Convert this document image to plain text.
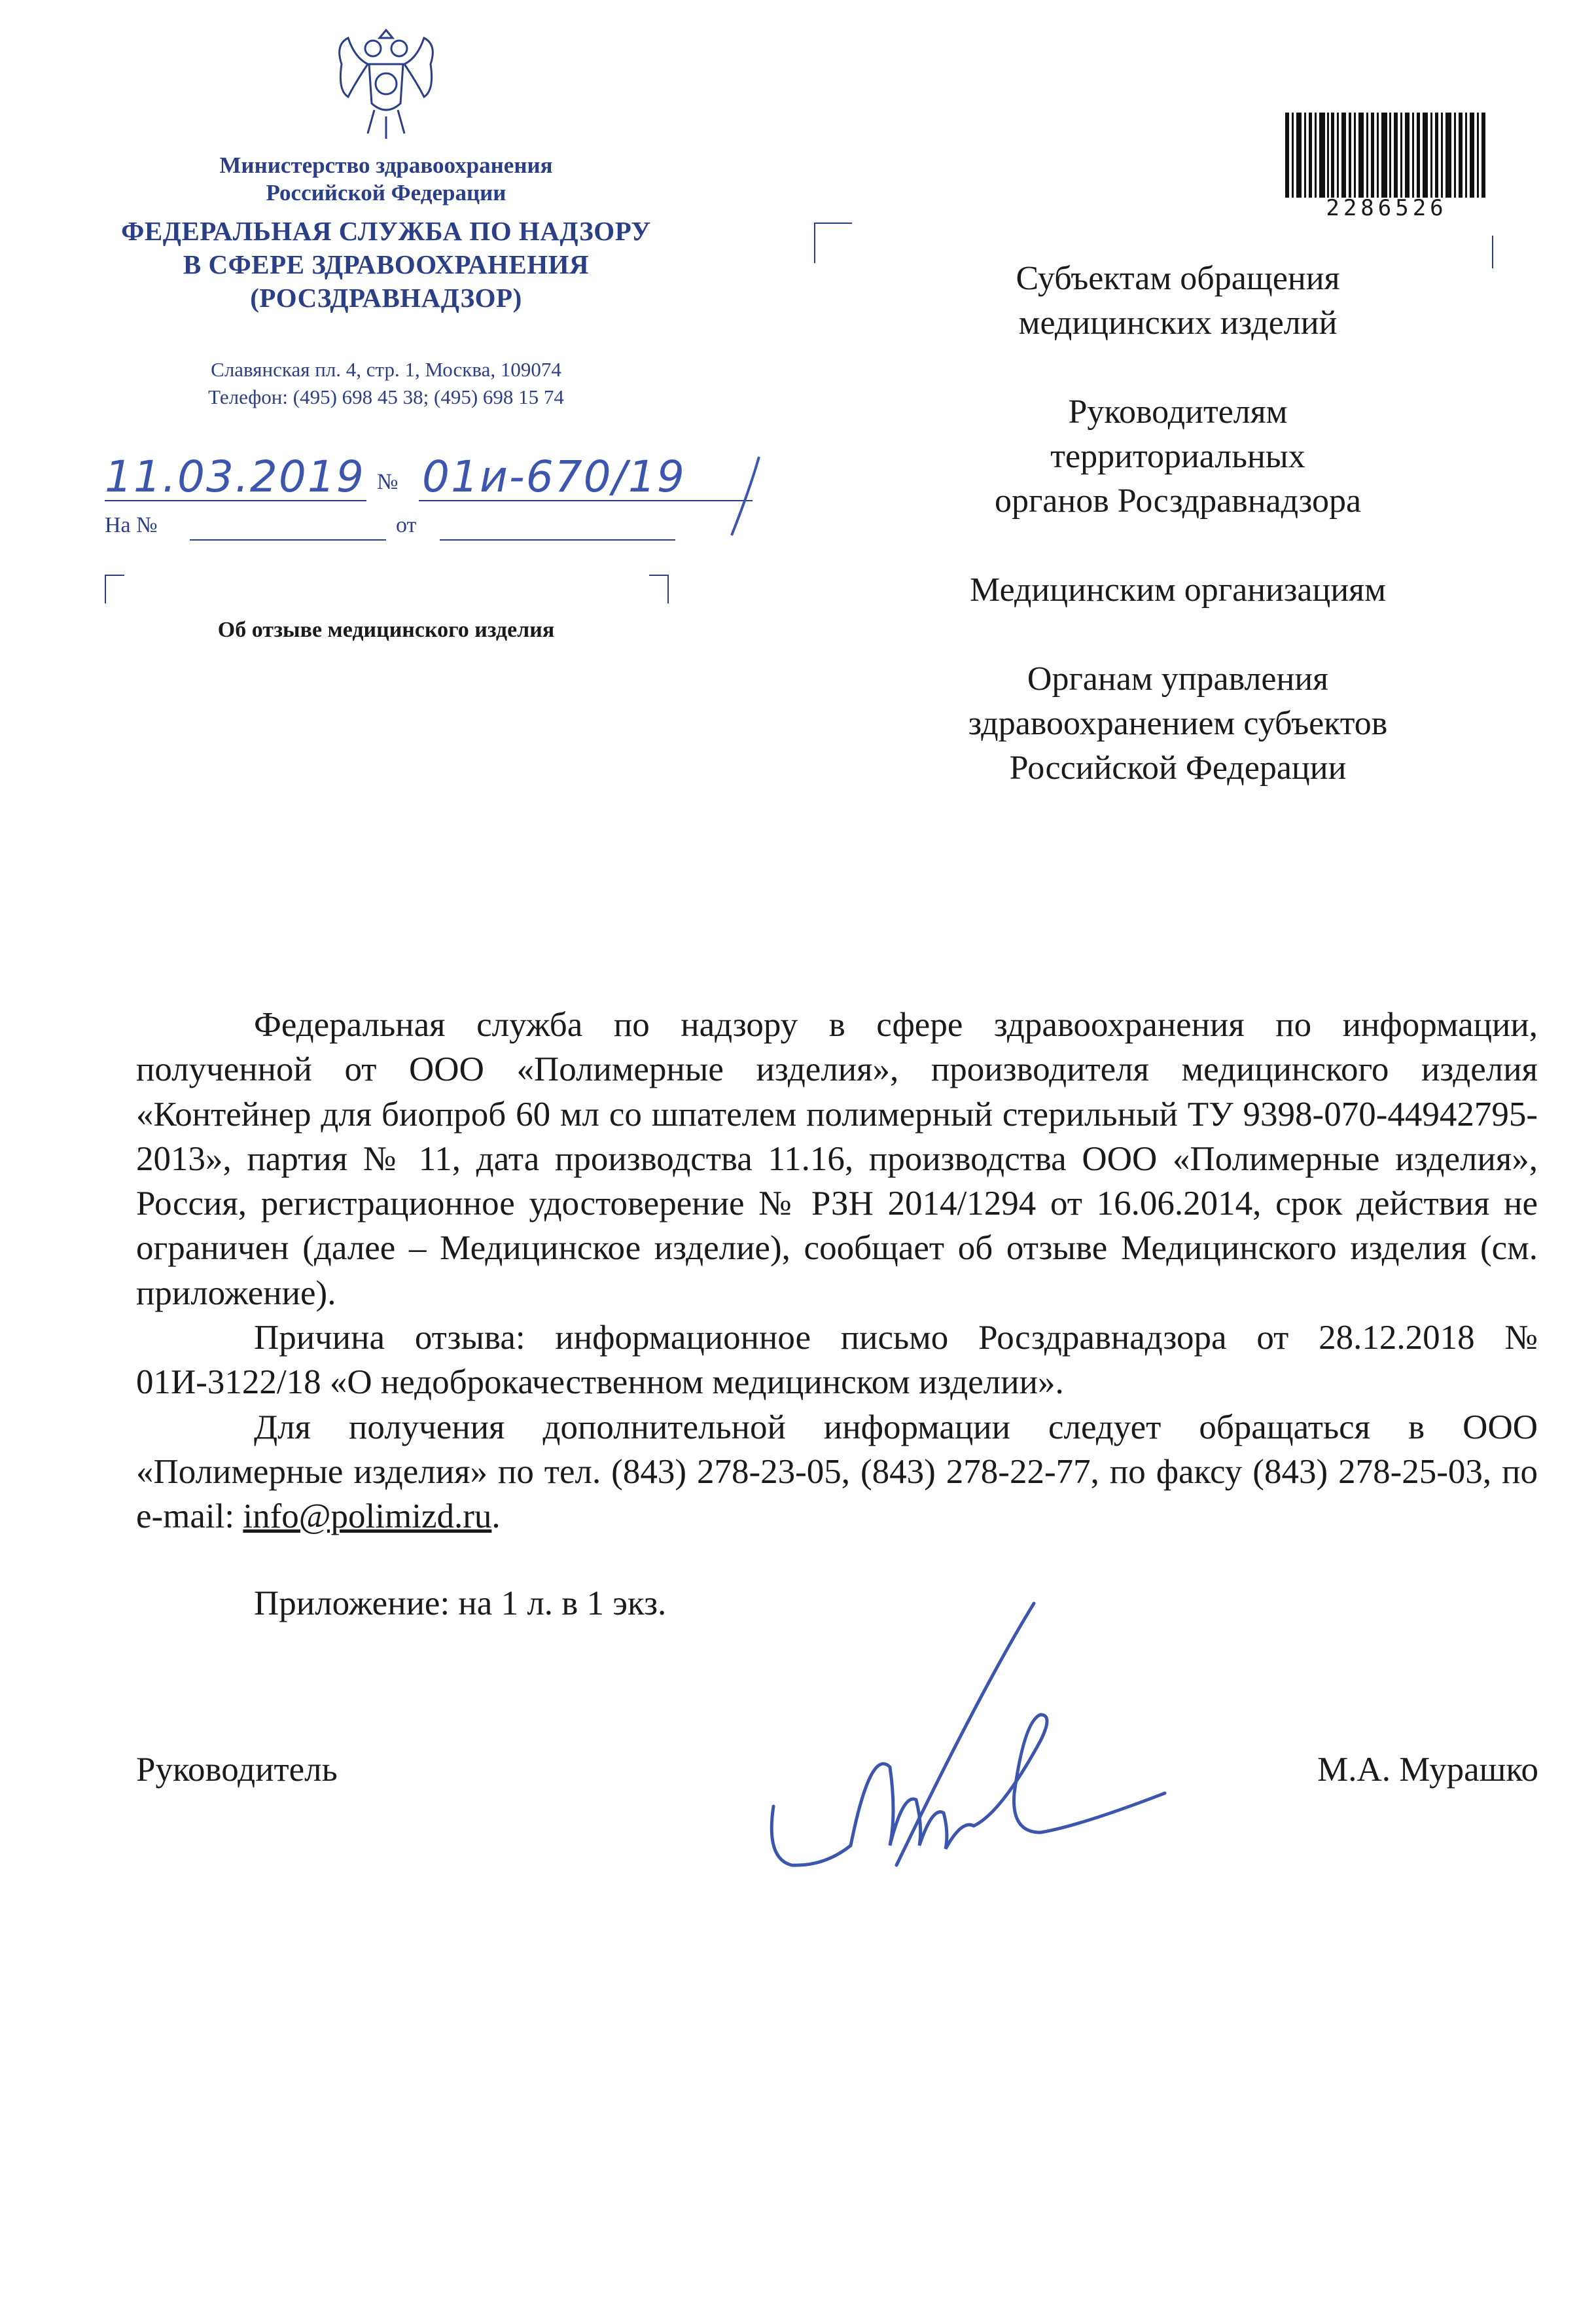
Министерство здравоохранения
Российской Федерации
ФЕДЕРАЛЬНАЯ СЛУЖБА ПО НАДЗОРУ
В СФЕРЕ ЗДРАВООХРАНЕНИЯ
(РОСЗДРАВНАДЗОР)
Славянская пл. 4, стр. 1, Москва, 109074
Телефон: (495) 698 45 38; (495) 698 15 74
11.03.2019 № 01и-670/19
На №	от
Об отзыве медицинского изделия
2286526
Субъектам обращения
медицинских изделий
Руководителям
территориальных
органов Росздравнадзора
Медицинским организациям
Органам управления
здравоохранением субъектов
Российской Федерации

Федеральная служба по надзору в сфере здравоохранения по информации, полученной от ООО «Полимерные изделия», производителя медицинского изделия «Контейнер для биопроб 60 мл со шпателем полимерный стерильный ТУ 9398-070-44942795-2013», партия № 11, дата производства 11.16, производства ООО «Полимерные изделия», Россия, регистрационное удостоверение № РЗН 2014/1294 от 16.06.2014, срок действия не ограничен (далее – Медицинское изделие), сообщает об отзыве Медицинского изделия (см. приложение).

Причина отзыва: информационное письмо Росздравнадзора от 28.12.2018 № 01И-3122/18 «О недоброкачественном медицинском изделии».

Для получения дополнительной информации следует обращаться в ООО «Полимерные изделия» по тел. (843) 278-23-05, (843) 278-22-77, по факсу (843) 278-25-03, по e-mail: info@polimizd.ru.

Приложение: на 1 л. в 1 экз.
Руководитель	М.А. Мурашко
